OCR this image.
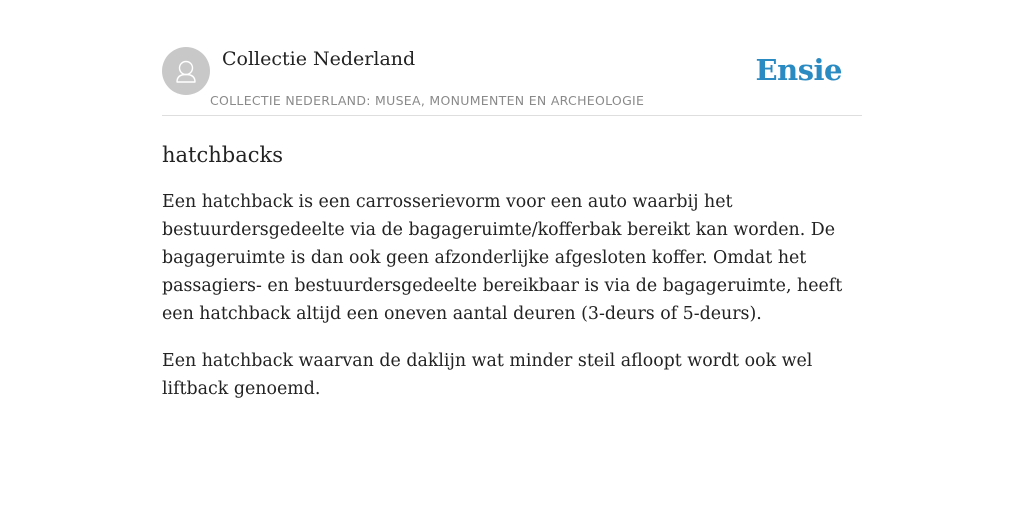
Collectie Nederland
COLLECTIE NEDERLAND: MUSEA, MONUMENTEN EN ARCHEOLOGIE
Ensie
hatchbacks

Een hatchback is een carrosserievorm voor een auto waarbij het bestuurdersgedeelte via de bagageruimte/kofferbak bereikt kan worden. De bagageruimte is dan ook geen afzonderlijke afgesloten koffer. Omdat het passagiers- en bestuurdersgedeelte bereikbaar is via de bagageruimte, heeft een hatchback altijd een oneven aantal deuren (3-deurs of 5-deurs).

Een hatchback waarvan de daklijn wat minder steil afloopt wordt ook wel liftback genoemd.
